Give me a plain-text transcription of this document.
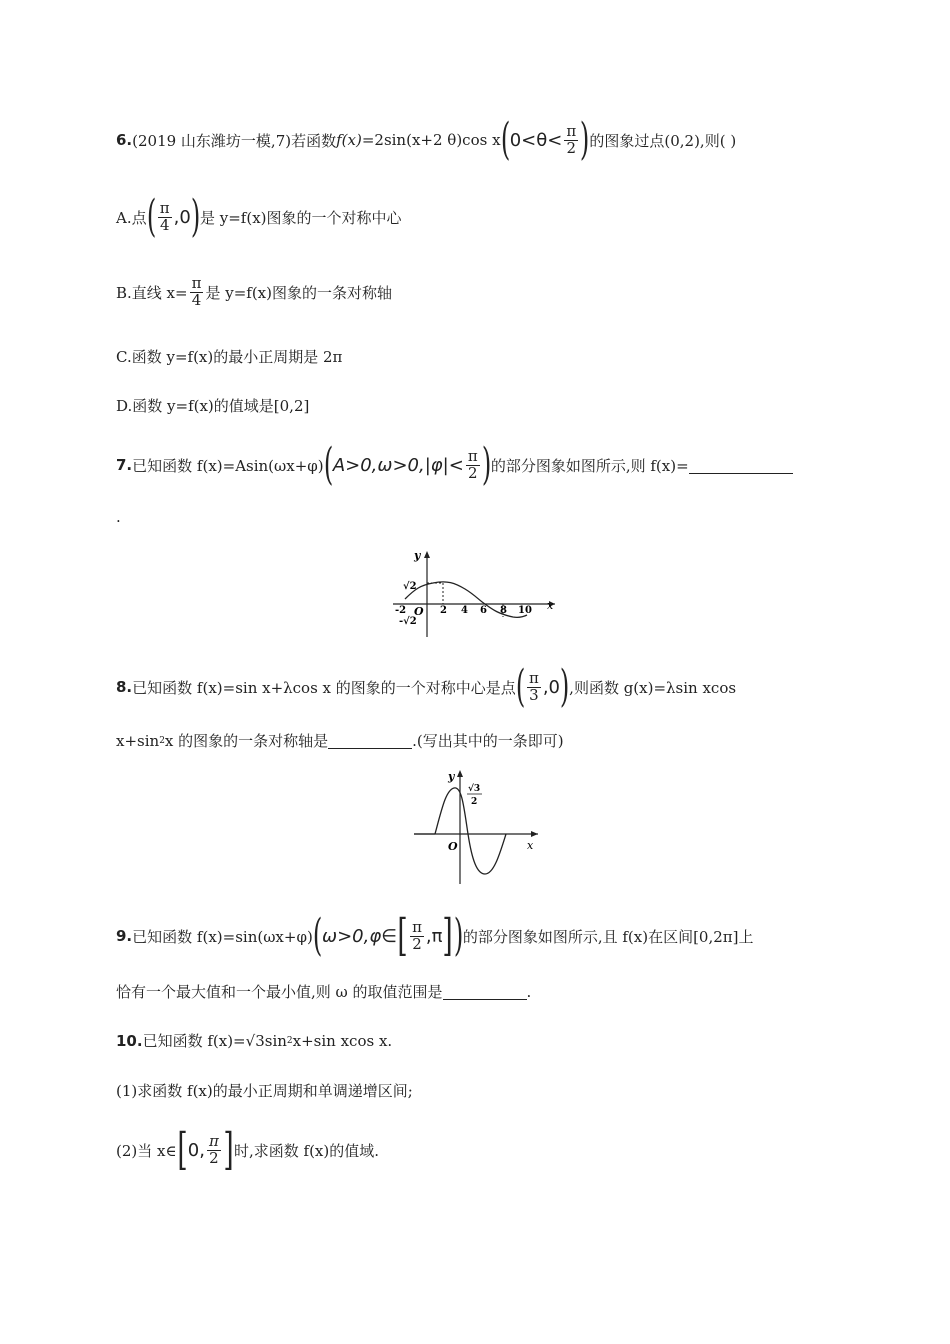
6. (2019 山东潍坊一模,7)若函数 f(x) =2sin(x+2 θ)cos x ( $0<\theta< \frac{\pi}{2}$ ) 的图象过点(0,2),则( )
A.点 ( $\frac{\pi}{4} ,0$ ) 是 y=f(x)图象的一个对称中心
B.直线 $x= \frac{\pi}{4}$ 是 y=f(x)图象的一条对称轴
C.函数 y=f(x)的最小正周期是 2π
D.函数 y=f(x)的值域是[0,2]
7. 已知函数 f(x)=Asin(ωx+φ) ( $A>0,\omega>0,|\varphi|< \frac{\pi}{2}$ ) 的部分图象如图所示,则 f(x)=
.
y
x
O
√2
-√2
-2	2 4 6 8 10
8. 已知函数 f(x)=sin x+λcos x 的图象的一个对称中心是点 ( $\frac{\pi}{3} ,0$ ) ,则函数 g(x)=λsin xcos
x+sin 2 x 的图象的一条对称轴是	.(写出其中的一条即可)
y
x
O
√3
2
9. 已知函数 f(x)=sin(ωx+φ) ( ω>0,φ∈ [ $\frac{\pi}{2} ,\pi$ ] ) 的部分图象如图所示,且 f(x)在区间[0,2π]上
恰有一个最大值和一个最小值,则 ω 的取值范围是	.
10. 已知函数 f(x)= √3 sin 2 x+sin xcos x.
(1)求函数 f(x)的最小正周期和单调递增区间;
(2)当 x∈ [ 0, $\frac{\pi}{2}$ ] 时,求函数 f(x)的值域.
